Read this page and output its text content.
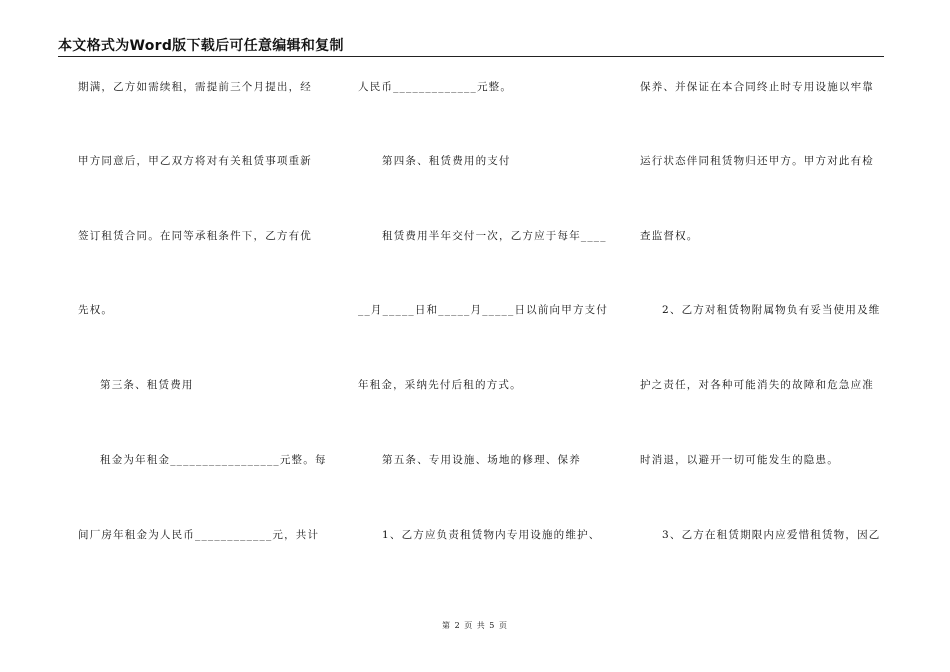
本文格式为Word版下载后可任意编辑和复制
期满，乙方如需续租，需提前三个月提出，经
甲方同意后，甲乙双方将对有关租赁事项重新
签订租赁合同。在同等承租条件下，乙方有优
先权。
第三条、租赁费用
租金为年租金_________________元整。每
间厂房年租金为人民币____________元，共计
人民币_____________元整。
第四条、租赁费用的支付
租赁费用半年交付一次，乙方应于每年____
__月_____日和_____月_____日以前向甲方支付
年租金，采纳先付后租的方式。
第五条、专用设施、场地的修理、保养
1、乙方应负责租赁物内专用设施的维护、
保养、并保证在本合同终止时专用设施以牢靠
运行状态伴同租赁物归还甲方。甲方对此有检
查监督权。
2、乙方对租赁物附属物负有妥当使用及维
护之责任，对各种可能消失的故障和危急应准
时消退，以避开一切可能发生的隐患。
3、乙方在租赁期限内应爱惜租赁物，因乙
第 2 页 共 5 页
